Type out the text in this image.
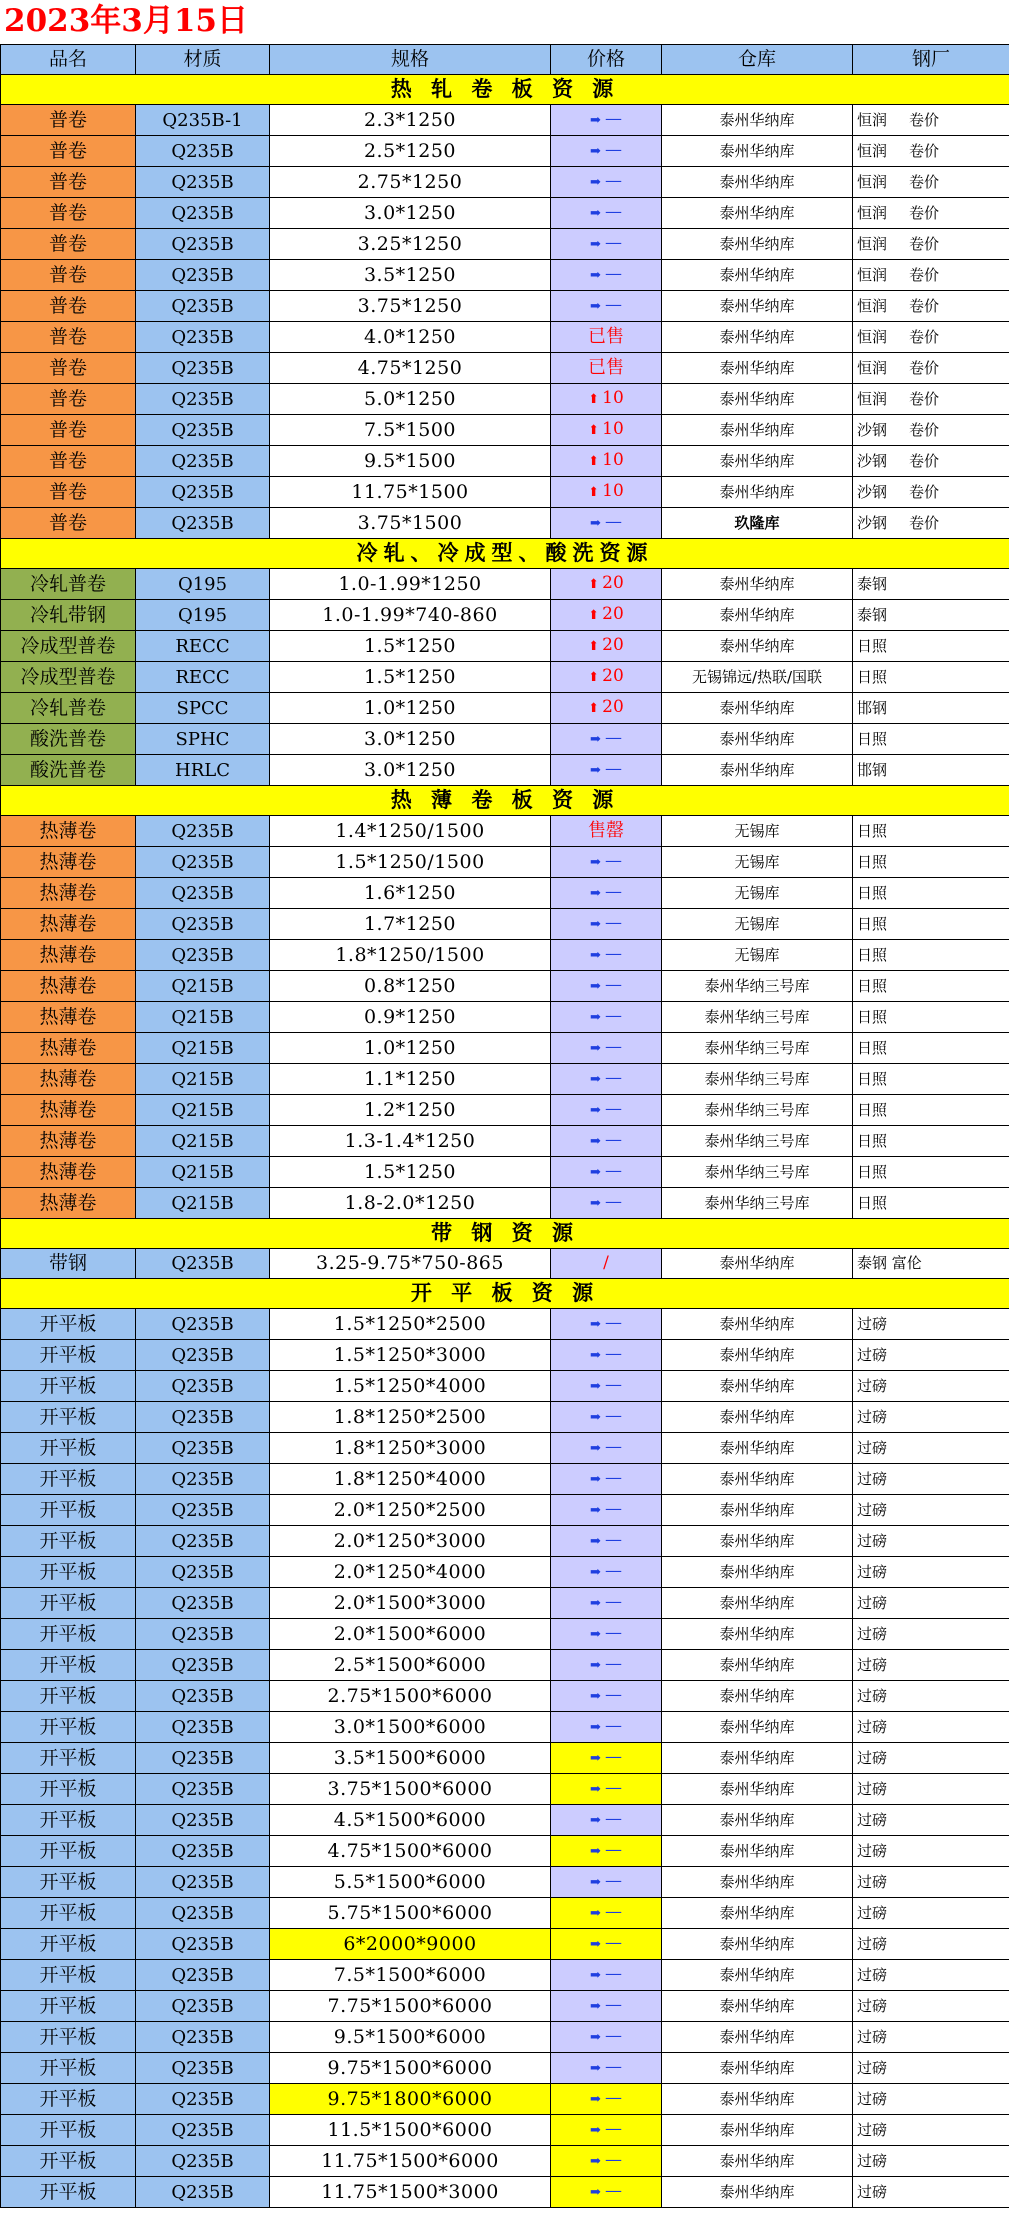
2023年3月15日
品名	材质	规格	价格	仓库	钢厂
热 轧 卷 板 资 源					
普卷	Q235B-1	2.3*1250	➡ —	泰州华纳库	恒润 卷价
普卷	Q235B	2.5*1250	➡ —	泰州华纳库	恒润 卷价
普卷	Q235B	2.75*1250	➡ —	泰州华纳库	恒润 卷价
普卷	Q235B	3.0*1250	➡ —	泰州华纳库	恒润 卷价
普卷	Q235B	3.25*1250	➡ —	泰州华纳库	恒润 卷价
普卷	Q235B	3.5*1250	➡ —	泰州华纳库	恒润 卷价
普卷	Q235B	3.75*1250	➡ —	泰州华纳库	恒润 卷价
普卷	Q235B	4.0*1250	已售	泰州华纳库	恒润 卷价
普卷	Q235B	4.75*1250	已售	泰州华纳库	恒润 卷价
普卷	Q235B	5.0*1250	⬆ 10	泰州华纳库	恒润 卷价
普卷	Q235B	7.5*1500	⬆ 10	泰州华纳库	沙钢 卷价
普卷	Q235B	9.5*1500	⬆ 10	泰州华纳库	沙钢 卷价
普卷	Q235B	11.75*1500	⬆ 10	泰州华纳库	沙钢 卷价
普卷	Q235B	3.75*1500	➡ —	玖隆库	沙钢 卷价
冷轧、冷成型、酸洗资源					
冷轧普卷	Q195	1.0-1.99*1250	⬆ 20	泰州华纳库	泰钢
冷轧带钢	Q195	1.0-1.99*740-860	⬆ 20	泰州华纳库	泰钢
冷成型普卷	RECC	1.5*1250	⬆ 20	泰州华纳库	日照
冷成型普卷	RECC	1.5*1250	⬆ 20	无锡锦远/热联/国联	日照
冷轧普卷	SPCC	1.0*1250	⬆ 20	泰州华纳库	邯钢
酸洗普卷	SPHC	3.0*1250	➡ —	泰州华纳库	日照
酸洗普卷	HRLC	3.0*1250	➡ —	泰州华纳库	邯钢
热 薄 卷 板 资 源					
热薄卷	Q235B	1.4*1250/1500	售罄	无锡库	日照
热薄卷	Q235B	1.5*1250/1500	➡ —	无锡库	日照
热薄卷	Q235B	1.6*1250	➡ —	无锡库	日照
热薄卷	Q235B	1.7*1250	➡ —	无锡库	日照
热薄卷	Q235B	1.8*1250/1500	➡ —	无锡库	日照
热薄卷	Q215B	0.8*1250	➡ —	泰州华纳三号库	日照
热薄卷	Q215B	0.9*1250	➡ —	泰州华纳三号库	日照
热薄卷	Q215B	1.0*1250	➡ —	泰州华纳三号库	日照
热薄卷	Q215B	1.1*1250	➡ —	泰州华纳三号库	日照
热薄卷	Q215B	1.2*1250	➡ —	泰州华纳三号库	日照
热薄卷	Q215B	1.3-1.4*1250	➡ —	泰州华纳三号库	日照
热薄卷	Q215B	1.5*1250	➡ —	泰州华纳三号库	日照
热薄卷	Q215B	1.8-2.0*1250	➡ —	泰州华纳三号库	日照
带 钢 资 源					
带钢	Q235B	3.25-9.75*750-865	/	泰州华纳库	泰钢 富伦
开 平 板 资 源					
开平板	Q235B	1.5*1250*2500	➡ —	泰州华纳库	过磅
开平板	Q235B	1.5*1250*3000	➡ —	泰州华纳库	过磅
开平板	Q235B	1.5*1250*4000	➡ —	泰州华纳库	过磅
开平板	Q235B	1.8*1250*2500	➡ —	泰州华纳库	过磅
开平板	Q235B	1.8*1250*3000	➡ —	泰州华纳库	过磅
开平板	Q235B	1.8*1250*4000	➡ —	泰州华纳库	过磅
开平板	Q235B	2.0*1250*2500	➡ —	泰州华纳库	过磅
开平板	Q235B	2.0*1250*3000	➡ —	泰州华纳库	过磅
开平板	Q235B	2.0*1250*4000	➡ —	泰州华纳库	过磅
开平板	Q235B	2.0*1500*3000	➡ —	泰州华纳库	过磅
开平板	Q235B	2.0*1500*6000	➡ —	泰州华纳库	过磅
开平板	Q235B	2.5*1500*6000	➡ —	泰州华纳库	过磅
开平板	Q235B	2.75*1500*6000	➡ —	泰州华纳库	过磅
开平板	Q235B	3.0*1500*6000	➡ —	泰州华纳库	过磅
开平板	Q235B	3.5*1500*6000	➡ —	泰州华纳库	过磅
开平板	Q235B	3.75*1500*6000	➡ —	泰州华纳库	过磅
开平板	Q235B	4.5*1500*6000	➡ —	泰州华纳库	过磅
开平板	Q235B	4.75*1500*6000	➡ —	泰州华纳库	过磅
开平板	Q235B	5.5*1500*6000	➡ —	泰州华纳库	过磅
开平板	Q235B	5.75*1500*6000	➡ —	泰州华纳库	过磅
开平板	Q235B	6*2000*9000	➡ —	泰州华纳库	过磅
开平板	Q235B	7.5*1500*6000	➡ —	泰州华纳库	过磅
开平板	Q235B	7.75*1500*6000	➡ —	泰州华纳库	过磅
开平板	Q235B	9.5*1500*6000	➡ —	泰州华纳库	过磅
开平板	Q235B	9.75*1500*6000	➡ —	泰州华纳库	过磅
开平板	Q235B	9.75*1800*6000	➡ —	泰州华纳库	过磅
开平板	Q235B	11.5*1500*6000	➡ —	泰州华纳库	过磅
开平板	Q235B	11.75*1500*6000	➡ —	泰州华纳库	过磅
开平板	Q235B	11.75*1500*3000	➡ —	泰州华纳库	过磅
